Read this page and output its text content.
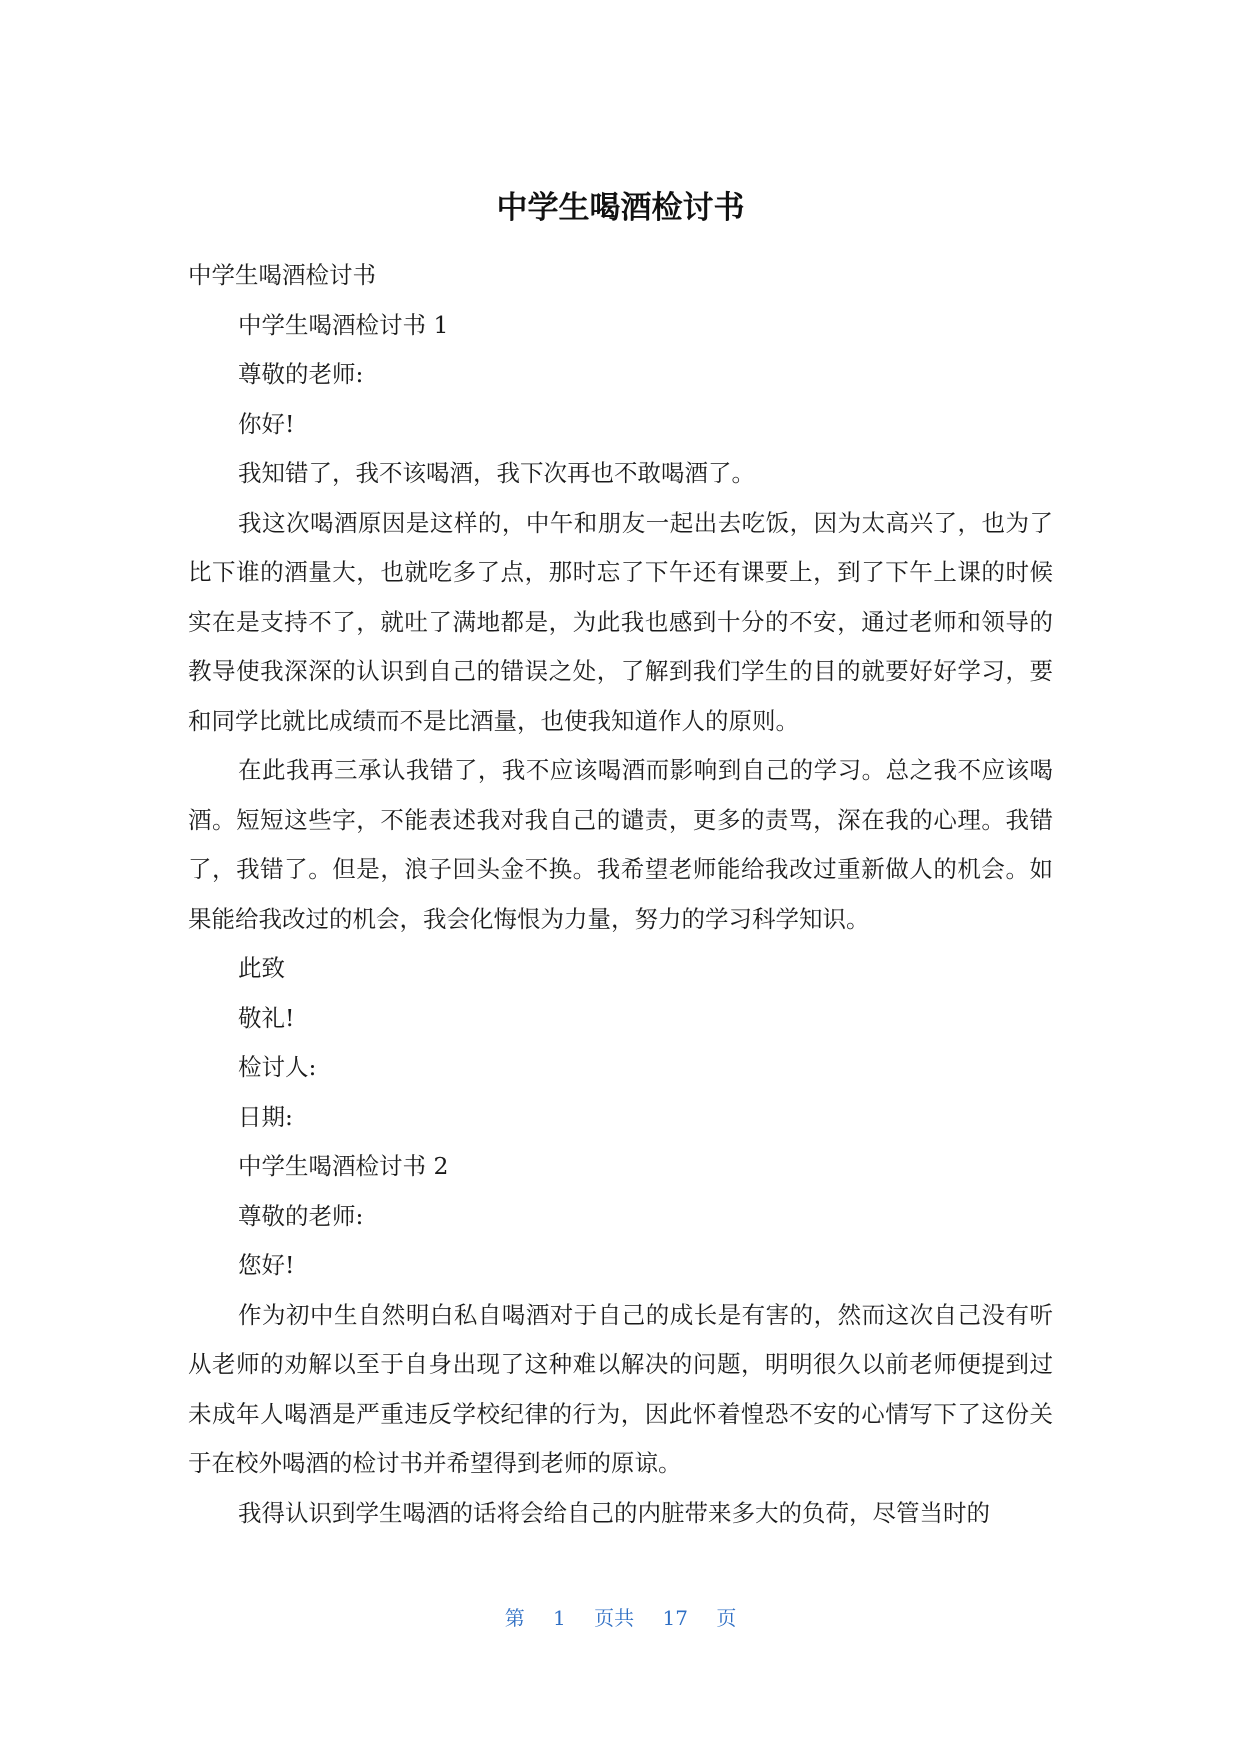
中学生喝酒检讨书

中学生喝酒检讨书

中学生喝酒检讨书 1

尊敬的老师:

你好!

我知错了，我不该喝酒，我下次再也不敢喝酒了。

我这次喝酒原因是这样的，中午和朋友一起出去吃饭，因为太高兴了，也为了比下谁的酒量大，也就吃多了点，那时忘了下午还有课要上，到了下午上课的时候实在是支持不了，就吐了满地都是，为此我也感到十分的不安，通过老师和领导的教导使我深深的认识到自己的错误之处，了解到我们学生的目的就要好好学习，要和同学比就比成绩而不是比酒量，也使我知道作人的原则。

在此我再三承认我错了，我不应该喝酒而影响到自己的学习。总之我不应该喝酒。短短这些字，不能表述我对我自己的谴责，更多的责骂，深在我的心理。我错了，我错了。但是，浪子回头金不换。我希望老师能给我改过重新做人的机会。如果能给我改过的机会，我会化悔恨为力量，努力的学习科学知识。

此致

敬礼!

检讨人:

日期:

中学生喝酒检讨书 2

尊敬的老师:

您好!

作为初中生自然明白私自喝酒对于自己的成长是有害的，然而这次自己没有听从老师的劝解以至于自身出现了这种难以解决的问题，明明很久以前老师便提到过未成年人喝酒是严重违反学校纪律的行为，因此怀着惶恐不安的心情写下了这份关于在校外喝酒的检讨书并希望得到老师的原谅。

我得认识到学生喝酒的话将会给自己的内脏带来多大的负荷，尽管当时的

第 1 页共 17 页
